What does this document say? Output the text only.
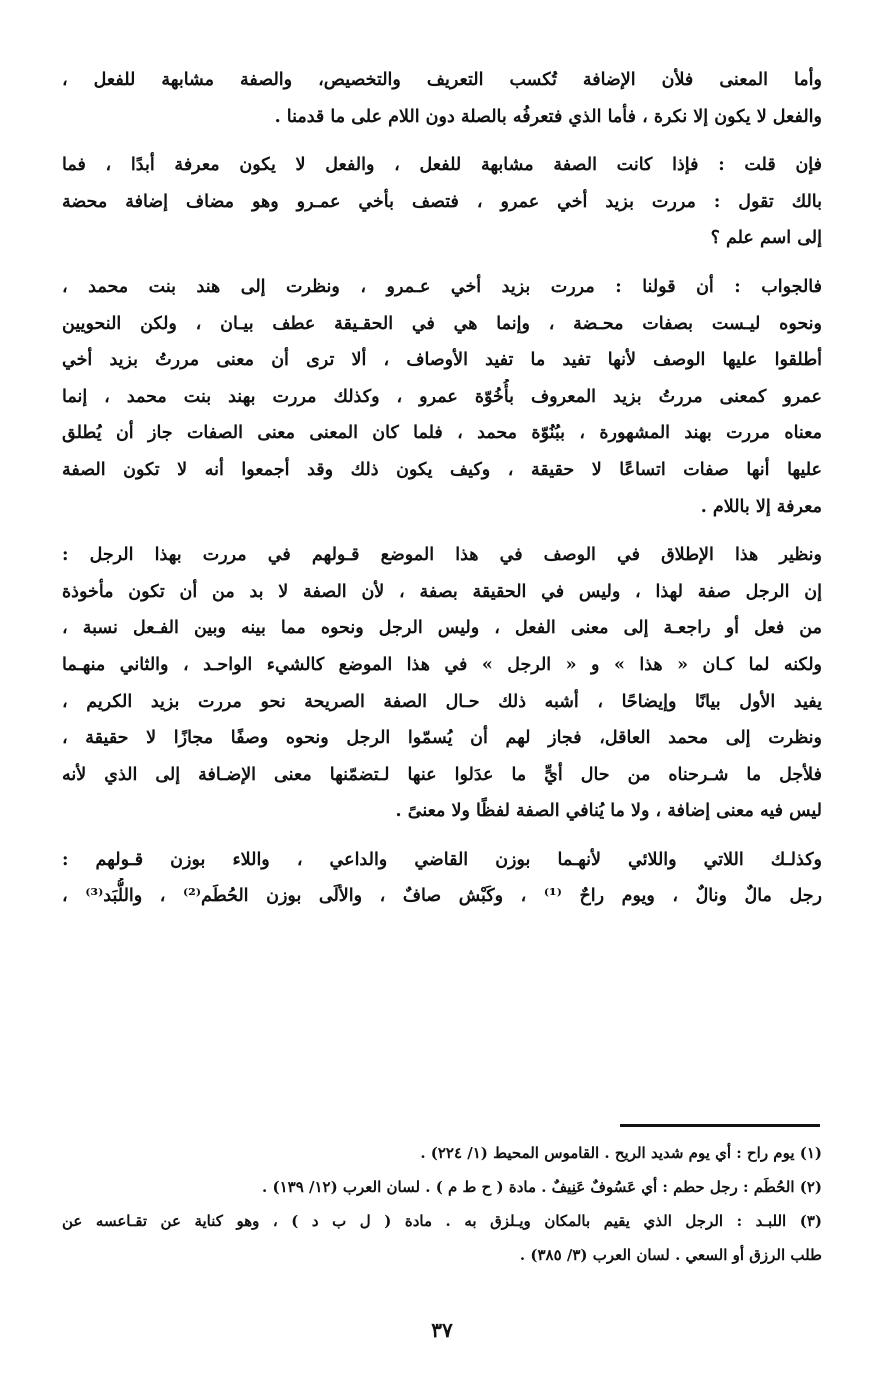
وأما المعنى فلأن الإضافة تُكسب التعريف والتخصيص، والصفة مشابهة للفعل ،
والفعل لا يكون إلا نكرة ، فأما الذي فتعرفُه بالصلة دون اللام على ما قدمنا .
فإن قلت : فإذا كانت الصفة مشابهة للفعل ، والفعل لا يكون معرفة أبدًا ، فما
بالك تقول : مررت بزيد أخي عمرو ، فتصف بأخي عمـرو وهو مضاف إضافة محضة
إلى اسم علم ؟
فالجواب : أن قولنا : مررت بزيد أخي عـمرو ، ونظرت إلى هند بنت محمد ،
ونحوه ليـست بصفات محـضة ، وإنما هي في الحقـيقة عطف بيـان ، ولكن النحويين
أطلقوا عليها الوصف لأنها تفيد ما تفيد الأوصاف ، ألا ترى أن معنى مررتُ بزيد أخي
عمرو كمعنى مررتُ بزيد المعروف بأُخُوّة عمرو ، وكذلك مررت بهند بنت محمد ، إنما
معناه مررت بهند المشهورة ، ببُنُوّة محمد ، فلما كان المعنى معنى الصفات جاز أن يُطلق
عليها أنها صفات اتساعًا لا حقيقة ، وكيف يكون ذلك وقد أجمعوا أنه لا تكون الصفة
معرفة إلا باللام .
ونظير هذا الإطلاق في الوصف في هذا الموضع قـولهم في مررت بهذا الرجل :
إن الرجل صفة لهذا ، وليس في الحقيقة بصفة ، لأن الصفة لا بد من أن تكون مأخوذة
من فعل أو راجعـة إلى معنى الفعل ، وليس الرجل ونحوه مما بينه وبين الفـعل نسبة ،
ولكنه لما كـان « هذا » و « الرجل » في هذا الموضع كالشيء الواحـد ، والثاني منهـما
يفيد الأول بيانًا وإيضاحًا ، أشبه ذلك حـال الصفة الصريحة نحو مررت بزيد الكريم ،
ونظرت إلى محمد العاقل، فجاز لهم أن يُسمّوا الرجل ونحوه وصفًا مجازًا لا حقيقة ،
فلأجل ما شـرحناه من حال أيٍّ ما عدَلوا عنها لـتضمّنها معنى الإضـافة إلى الذي لأنه
ليس فيه معنى إضافة ، ولا ما يُنافي الصفة لفظًا ولا معنىً .
وكذلـك اللاتي واللائي لأنهـما بوزن القاضي والداعي ، واللاء بوزن قـولهم :
رجل مالٌ ونالٌ ، ويوم راحٌ ⁽¹⁾ ، وكَبْش صافٌ ، والألَى بوزن الحُطَم⁽²⁾ ، واللُّبَد⁽³⁾ ،
(١) يوم راح : أي يوم شديد الريح . القاموس المحيط (١/ ٢٢٤) .
(٢) الحُطَم : رجل حطم : أي عَسُوفٌ عَنِيفٌ . مادة ( ح ط م ) . لسان العرب (١٢/ ١٣٩) .
(٣) اللبـد : الرجل الذي يقيم بالمكان ويـلزق به . مادة ( ل ب د ) ، وهو كناية عن تقـاعسه عن
طلب الرزق أو السعي . لسان العرب (٣/ ٣٨٥) .
٣٧
